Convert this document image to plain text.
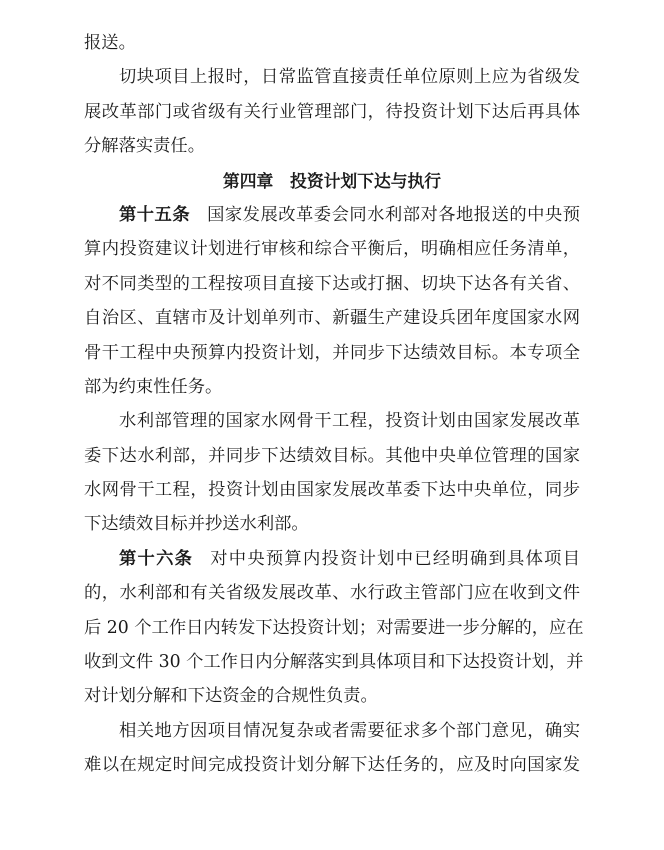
报送。
切块项目上报时，日常监管直接责任单位原则上应为省级发
展改革部门或省级有关行业管理部门，待投资计划下达后再具体
分解落实责任。
第四章　投资计划下达与执行
第十五条 国家发展改革委会同水利部对各地报送的中央预
算内投资建议计划进行审核和综合平衡后，明确相应任务清单，
对不同类型的工程按项目直接下达或打捆、切块下达各有关省、
自治区、直辖市及计划单列市、新疆生产建设兵团年度国家水网
骨干工程中央预算内投资计划，并同步下达绩效目标。本专项全
部为约束性任务。
水利部管理的国家水网骨干工程，投资计划由国家发展改革
委下达水利部，并同步下达绩效目标。其他中央单位管理的国家
水网骨干工程，投资计划由国家发展改革委下达中央单位，同步
下达绩效目标并抄送水利部。
第十六条 对中央预算内投资计划中已经明确到具体项目
的，水利部和有关省级发展改革、水行政主管部门应在收到文件
后 20 个工作日内转发下达投资计划；对需要进一步分解的，应在
收到文件 30 个工作日内分解落实到具体项目和下达投资计划，并
对计划分解和下达资金的合规性负责。
相关地方因项目情况复杂或者需要征求多个部门意见，确实
难以在规定时间完成投资计划分解下达任务的，应及时向国家发
